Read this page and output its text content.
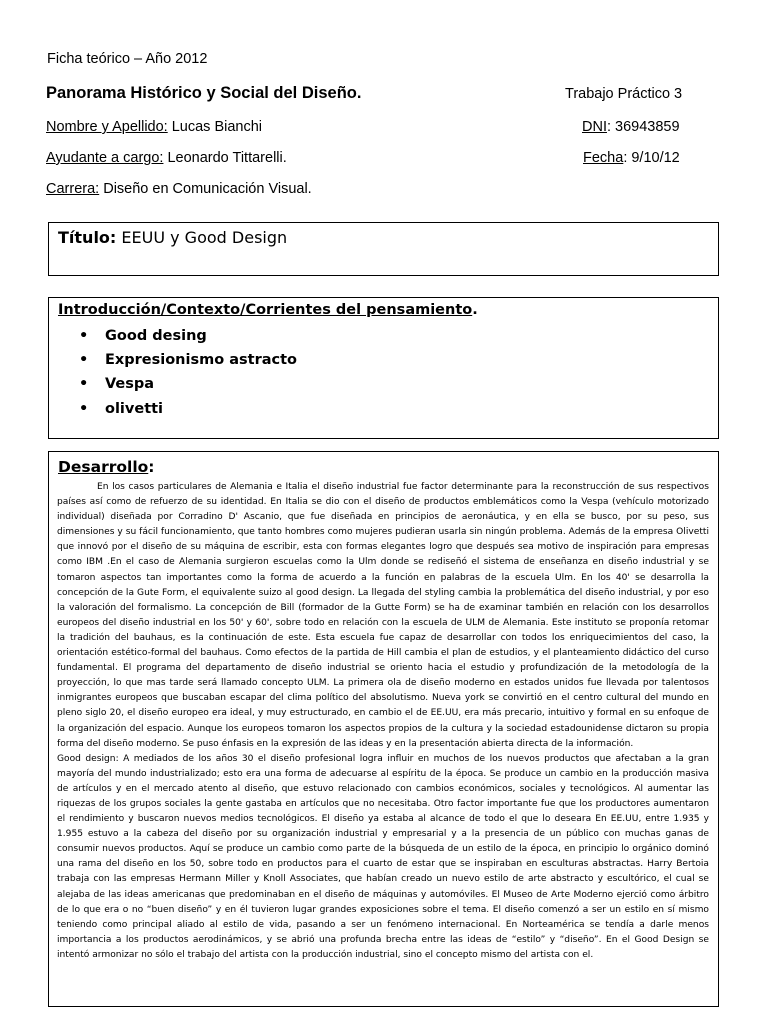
Ficha teórico – Año 2012
Panorama Histórico y Social del Diseño.	Trabajo Práctico 3
Nombre y Apellido: Lucas Bianchi	DNI: 36943859
Ayudante a cargo: Leonardo Tittarelli.	Fecha: 9/10/12
Carrera: Diseño en Comunicación Visual.
Título: EEUU y Good Design
Introducción/Contexto/Corrientes del pensamiento.
• Good desing
• Expresionismo astracto
• Vespa
• olivetti
Desarrollo:

En los casos particulares de Alemania e Italia el diseño industrial fue factor determinante para la reconstrucción de sus respectivos países así como de refuerzo de su identidad. En Italia se dio con el diseño de productos emblemáticos como la Vespa (vehículo motorizado individual) diseñada por Corradino D' Ascanio, que fue diseñada en principios de aeronáutica, y en ella se busco, por su peso, sus dimensiones y su fácil funcionamiento, que tanto hombres como mujeres pudieran usarla sin ningún problema. Además de la empresa Olivetti que innovó por el diseño de su máquina de escribir, esta con formas elegantes logro que después sea motivo de inspiración para empresas como IBM .En el caso de Alemania surgieron escuelas como la Ulm donde se rediseñó el sistema de enseñanza en diseño industrial y se tomaron aspectos tan importantes como la forma de acuerdo a la función en palabras de la escuela Ulm. En los 40' se desarrolla la concepción de la Gute Form, el equivalente suizo al good design. La llegada del styling cambia la problemática del diseño industrial, y por eso la valoración del formalismo. La concepción de Bill (formador de la Gutte Form) se ha de examinar también en relación con los desarrollos europeos del diseño industrial en los 50' y 60', sobre todo en relación con la escuela de ULM de Alemania. Este instituto se proponía retomar la tradición del bauhaus, es la continuación de este. Esta escuela fue capaz de desarrollar con todos los enriquecimientos del caso, la orientación estético-formal del bauhaus. Como efectos de la partida de Hill cambia el plan de estudios, y el planteamiento didáctico del curso fundamental. El programa del departamento de diseño industrial se oriento hacia el estudio y profundización de la metodología de la proyección, lo que mas tarde será llamado concepto ULM. La primera ola de diseño moderno en estados unidos fue llevada por talentosos inmigrantes europeos que buscaban escapar del clima político del absolutismo. Nueva york se convirtió en el centro cultural del mundo en pleno siglo 20, el diseño europeo era ideal, y muy estructurado, en cambio el de EE.UU, era más precario, intuitivo y formal en su enfoque de la organización del espacio. Aunque los europeos tomaron los aspectos propios de la cultura y la sociedad estadounidense dictaron su propia forma del diseño moderno. Se puso énfasis en la expresión de las ideas y en la presentación abierta directa de la información.

Good design: A mediados de los años 30 el diseño profesional logra influir en muchos de los nuevos productos que afectaban a la gran mayoría del mundo industrializado; esto era una forma de adecuarse al espíritu de la época. Se produce un cambio en la producción masiva de artículos y en el mercado atento al diseño, que estuvo relacionado con cambios económicos, sociales y tecnológicos. Al aumentar las riquezas de los grupos sociales la gente gastaba en artículos que no necesitaba. Otro factor importante fue que los productores aumentaron el rendimiento y buscaron nuevos medios tecnológicos. El diseño ya estaba al alcance de todo el que lo deseara En EE.UU, entre 1.935 y 1.955 estuvo a la cabeza del diseño por su organización industrial y empresarial y a la presencia de un público con muchas ganas de consumir nuevos productos. Aquí se produce un cambio como parte de la búsqueda de un estilo de la época, en principio lo orgánico dominó una rama del diseño en los 50, sobre todo en productos para el cuarto de estar que se inspiraban en esculturas abstractas. Harry Bertoia trabaja con las empresas Hermann Miller y Knoll Associates, que habían creado un nuevo estilo de arte abstracto y escultórico, el cual se alejaba de las ideas americanas que predominaban en el diseño de máquinas y automóviles. El Museo de Arte Moderno ejerció como árbitro de lo que era o no “buen diseño” y en él tuvieron lugar grandes exposiciones sobre el tema. El diseño comenzó a ser un estilo en sí mismo teniendo como principal aliado al estilo de vida, pasando a ser un fenómeno internacional. En Norteamérica se tendía a darle menos importancia a los productos aerodinámicos, y se abrió una profunda brecha entre las ideas de “estilo” y “diseño”. En el Good Design se intentó armonizar no sólo el trabajo del artista con la producción industrial, sino el concepto mismo del artista con el.
